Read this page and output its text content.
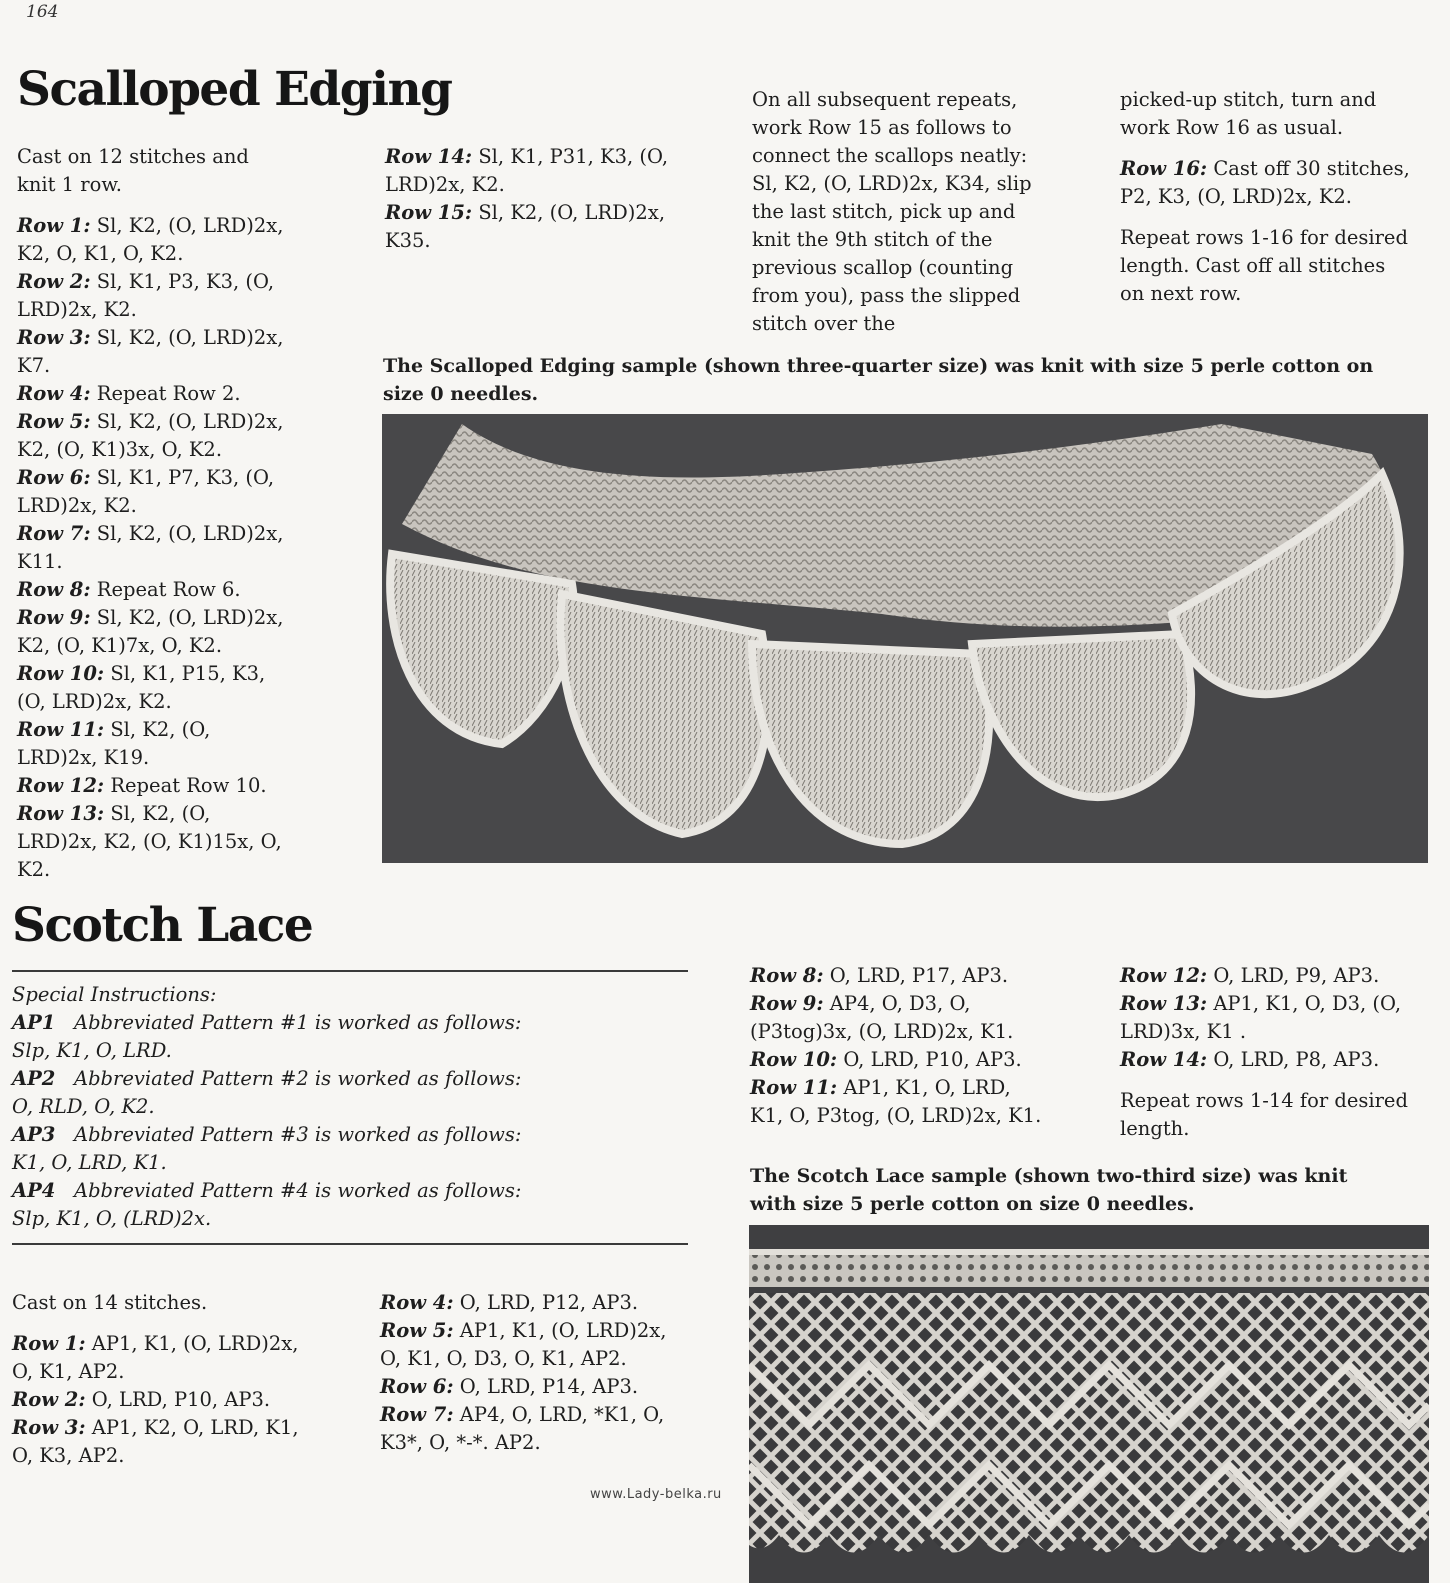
164
Scalloped Edging

Cast on 12 stitches and knit 1 row.

Row 1: Sl, K2, (O, LRD)2x, K2, O, K1, O, K2.

Row 2: Sl, K1, P3, K3, (O, LRD)2x, K2.

Row 3: Sl, K2, (O, LRD)2x, K7.

Row 4: Repeat Row 2.

Row 5: Sl, K2, (O, LRD)2x, K2, (O, K1)3x, O, K2.

Row 6: Sl, K1, P7, K3, (O, LRD)2x, K2.

Row 7: Sl, K2, (O, LRD)2x, K11.

Row 8: Repeat Row 6.

Row 9: Sl, K2, (O, LRD)2x, K2, (O, K1)7x, O, K2.

Row 10: Sl, K1, P15, K3, (O, LRD)2x, K2.

Row 11: Sl, K2, (O, LRD)2x, K19.

Row 12: Repeat Row 10.

Row 13: Sl, K2, (O, LRD)2x, K2, (O, K1)15x, O, K2.

Row 14: Sl, K1, P31, K3, (O, LRD)2x, K2.

Row 15: Sl, K2, (O, LRD)2x, K35.

On all subsequent repeats, work Row 15 as follows to connect the scallops neatly: Sl, K2, (O, LRD)2x, K34, slip the last stitch, pick up and knit the 9th stitch of the previous scallop (counting from you), pass the slipped stitch over the

picked-up stitch, turn and work Row 16 as usual.

Row 16: Cast off 30 stitches, P2, K3, (O, LRD)2x, K2.

Repeat rows 1-16 for desired length. Cast off all stitches on next row.

The Scalloped Edging sample (shown three-quarter size) was knit with size 5 perle cotton on size 0 needles.
Scotch Lace

Special Instructions:

AP1 Abbreviated Pattern #1 is worked as follows:

Slp, K1, O, LRD.

AP2 Abbreviated Pattern #2 is worked as follows:

O, RLD, O, K2.

AP3 Abbreviated Pattern #3 is worked as follows:

K1, O, LRD, K1.

AP4 Abbreviated Pattern #4 is worked as follows:

Slp, K1, O, (LRD)2x.

Cast on 14 stitches.

Row 1: AP1, K1, (O, LRD)2x, O, K1, AP2.

Row 2: O, LRD, P10, AP3.

Row 3: AP1, K2, O, LRD, K1, O, K3, AP2.

Row 4: O, LRD, P12, AP3.

Row 5: AP1, K1, (O, LRD)2x, O, K1, O, D3, O, K1, AP2.

Row 6: O, LRD, P14, AP3.

Row 7: AP4, O, LRD, *K1, O, K3*, O, *-*. AP2.

Row 8: O, LRD, P17, AP3.

Row 9: AP4, O, D3, O, (P3tog)3x, (O, LRD)2x, K1.

Row 10: O, LRD, P10, AP3.

Row 11: AP1, K1, O, LRD, K1, O, P3tog, (O, LRD)2x, K1.

Row 12: O, LRD, P9, AP3.

Row 13: AP1, K1, O, D3, (O, LRD)3x, K1 .

Row 14: O, LRD, P8, AP3.

Repeat rows 1-14 for desired length.

The Scotch Lace sample (shown two-third size) was knit with size 5 perle cotton on size 0 needles.
www.Lady-belka.ru
